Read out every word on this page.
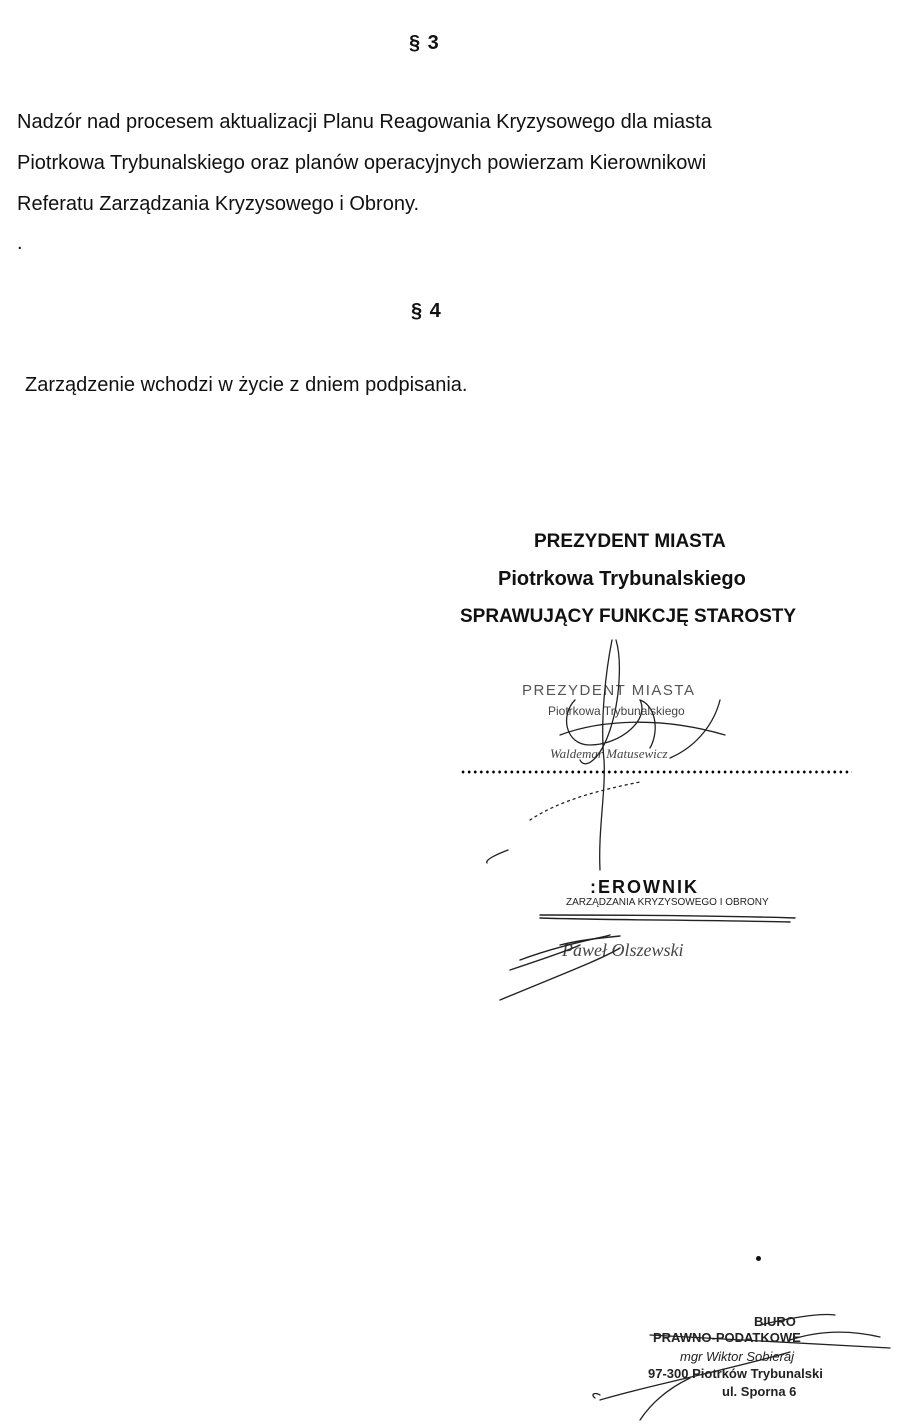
§ 3
Nadzór nad procesem aktualizacji Planu Reagowania Kryzysowego dla miasta
Piotrkowa Trybunalskiego oraz planów operacyjnych powierzam Kierownikowi
Referatu Zarządzania Kryzysowego i Obrony.
.
§ 4
Zarządzenie wchodzi w życie z dniem podpisania.
PREZYDENT MIASTA
Piotrkowa Trybunalskiego
SPRAWUJĄCY FUNKCJĘ STAROSTY
PREZYDENT MIASTA
Piotrkowa Trybunalskiego
Waldemar Matusewicz
:EROWNIK
ZARZĄDZANIA KRYZYSOWEGO I OBRONY
Paweł Olszewski
BIURO
PRAWNO-PODATKOWE
mgr Wiktor Sobieraj
97-300 Piotrków Trybunalski
ul. Sporna 6
